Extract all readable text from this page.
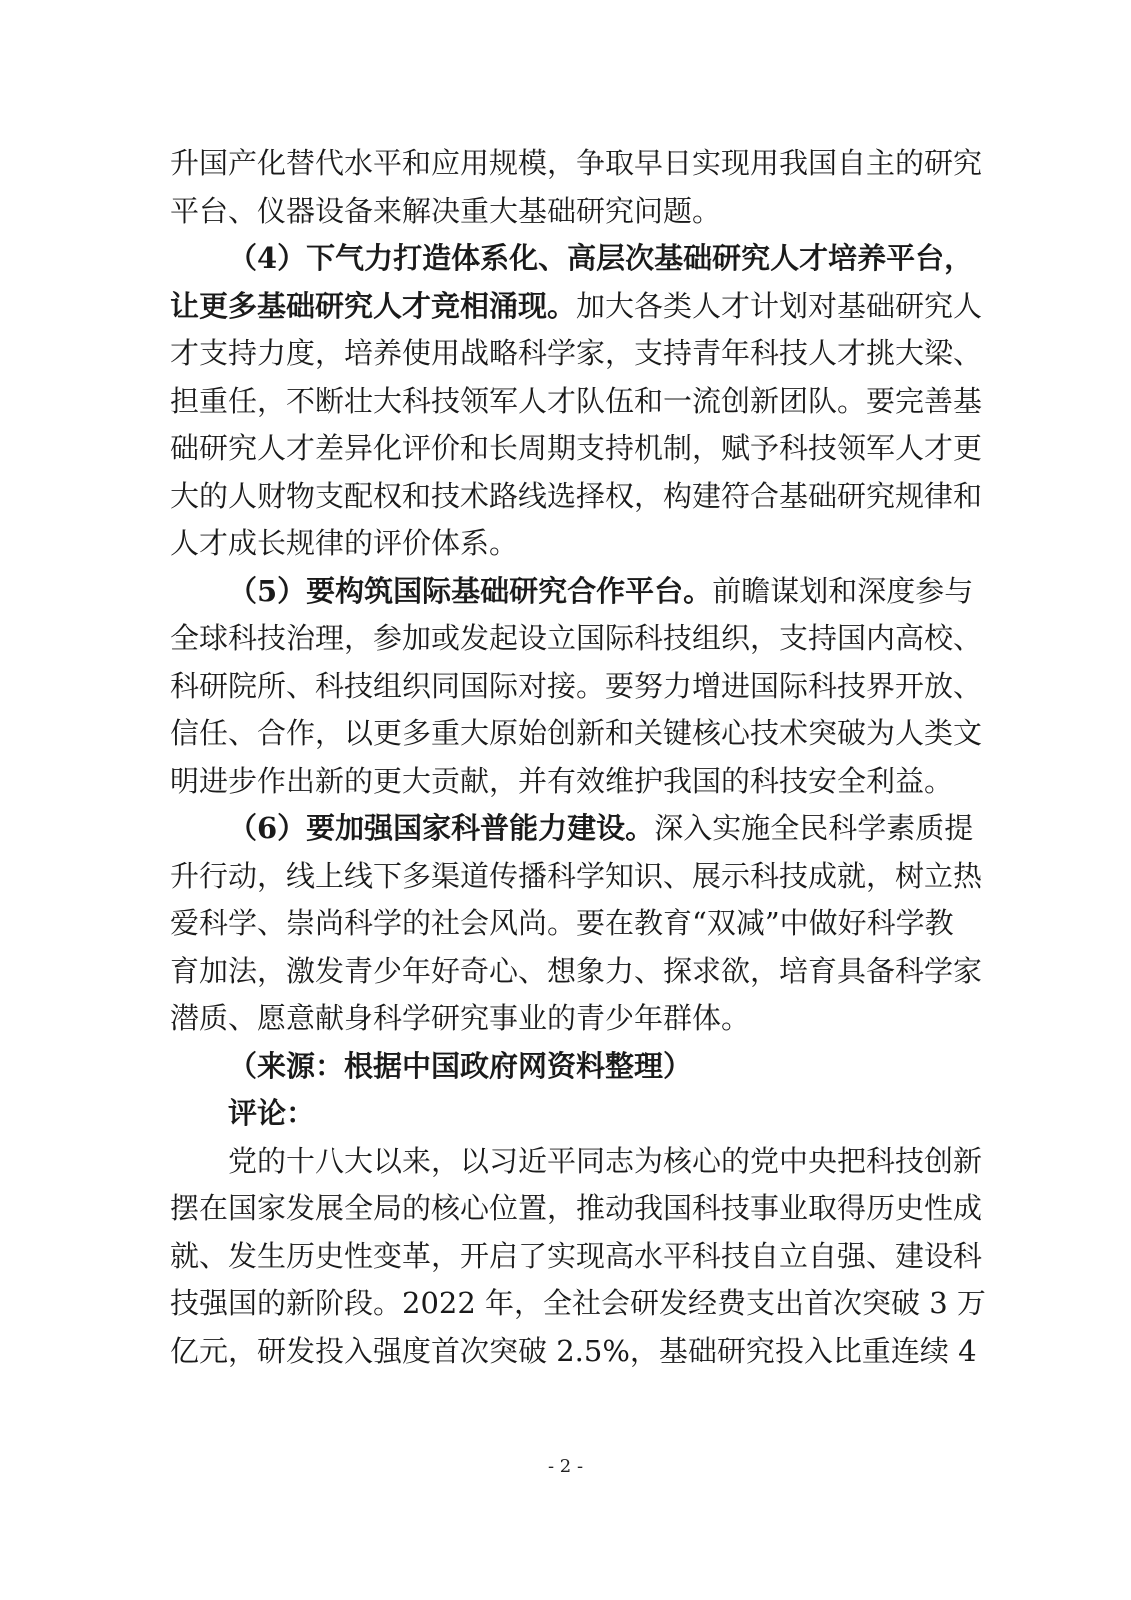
升国产化替代水平和应用规模，争取早日实现用我国自主的研究
平台、仪器设备来解决重大基础研究问题。
（4）下气力打造体系化、高层次基础研究人才培养平台，
让更多基础研究人才竞相涌现。加大各类人才计划对基础研究人
才支持力度，培养使用战略科学家，支持青年科技人才挑大梁、
担重任，不断壮大科技领军人才队伍和一流创新团队。要完善基
础研究人才差异化评价和长周期支持机制，赋予科技领军人才更
大的人财物支配权和技术路线选择权，构建符合基础研究规律和
人才成长规律的评价体系。
（5）要构筑国际基础研究合作平台。前瞻谋划和深度参与
全球科技治理，参加或发起设立国际科技组织，支持国内高校、
科研院所、科技组织同国际对接。要努力增进国际科技界开放、
信任、合作，以更多重大原始创新和关键核心技术突破为人类文
明进步作出新的更大贡献，并有效维护我国的科技安全利益。
（6）要加强国家科普能力建设。深入实施全民科学素质提
升行动，线上线下多渠道传播科学知识、展示科技成就，树立热
爱科学、崇尚科学的社会风尚。要在教育“双减”中做好科学教
育加法，激发青少年好奇心、想象力、探求欲，培育具备科学家
潜质、愿意献身科学研究事业的青少年群体。
（来源：根据中国政府网资料整理）
评论：
党的十八大以来，以习近平同志为核心的党中央把科技创新
摆在国家发展全局的核心位置，推动我国科技事业取得历史性成
就、发生历史性变革，开启了实现高水平科技自立自强、建设科
技强国的新阶段。2022 年，全社会研发经费支出首次突破 3 万
亿元，研发投入强度首次突破 2.5%，基础研究投入比重连续 4
- 2 -
